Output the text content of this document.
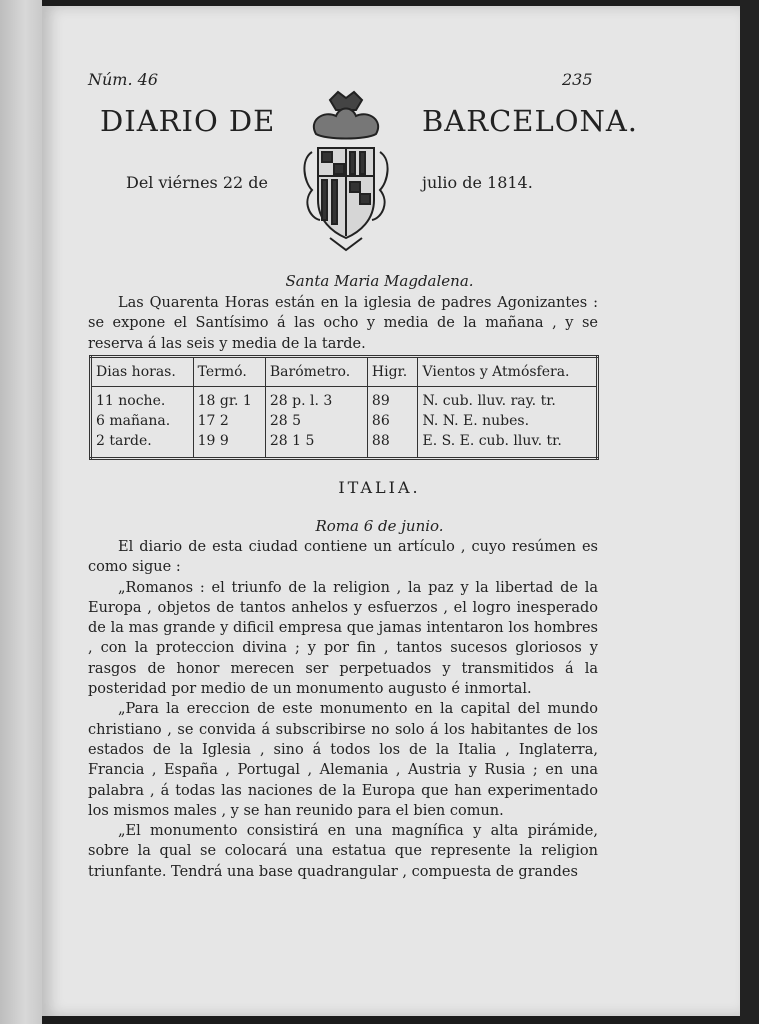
Núm. 46	235
DIARIO DE	BARCELONA.
Del viérnes 22 de	julio de 1814.
Santa Maria Magdalena.
Las Quarenta Horas están en la iglesia de padres Agonizantes : se expone el Santísimo á las ocho y media de la mañana , y se reserva á las seis y media de la tarde.
Dias horas.	Termó.	Barómetro.	Higr.	Vientos y Atmósfera.
11 noche.	18 gr. 1	28 p. l. 3	89	N. cub. lluv. ray. tr.
6 mañana.	17 2	28 5	86	N. N. E. nubes.
2 tarde.	19 9	28 1 5	88	E. S. E. cub. lluv. tr.
ITALIA.
Roma 6 de junio.

El diario de esta ciudad contiene un artículo , cuyo resúmen es como sigue :

„Romanos : el triunfo de la religion , la paz y la libertad de la Europa , objetos de tantos anhelos y esfuerzos , el logro inesperado de la mas grande y dificil empresa que jamas intentaron los hombres , con la proteccion divina ; y por fin , tantos sucesos gloriosos y rasgos de honor merecen ser perpetuados y transmitidos á la posteridad por medio de un monumento augusto é inmortal.

„Para la ereccion de este monumento en la capital del mundo christiano , se convida á subscribirse no solo á los habitantes de los estados de la Iglesia , sino á todos los de la Italia , Inglaterra, Francia , España , Portugal , Alemania , Austria y Rusia ; en una palabra , á todas las naciones de la Europa que han experimentado los mismos males , y se han reunido para el bien comun.

„El monumento consistirá en una magnífica y alta pirámide, sobre la qual se colocará una estatua que represente la religion triunfante. Tendrá una base quadrangular , compuesta de grandes
